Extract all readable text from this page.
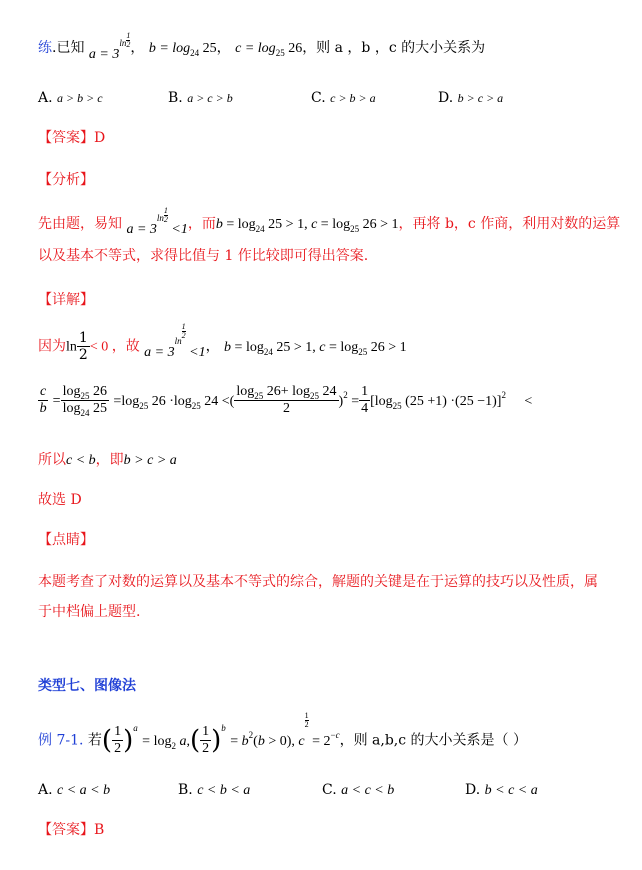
练.已知 $a = 3^{ln \frac{1}{2}}$， $b = \log_{24} 25$， $c = \log_{25} 26$，则 a ，b ，c 的大小关系为
A. a > b > c	B. a > c > b	C. c > b > a	D. b > c > a
【答案】D
【分析】
先由题，易知 $a = 3^{ln \frac{1}{2}} <1$，而$b = \log_{24} 25 > 1$, $c = \log_{25} 26 > 1$，再将 b，c 作商，利用对数的运算
以及基本不等式，求得比值与 1 作比较即可得出答案.
【详解】
因为$\ln \frac{1}{2} < 0$ ，故 $a = 3^{ln \frac{1}{2}} <1$， $b = \log_{24} 25 > 1$, $c = \log_{25} 26 > 1$
$\frac{c}{b} = \frac{\log_{25} 26}{\log_{24} 25} =\log_{25}$ $26 \cdot\log_{25}$ 24 <( $\frac{\log_{25} 26+ \log_{25} 24}{2} )^2 = \frac{1}{4} [\log_{25}$ (25 +1) ·(25 −1)]$^2$ <
所以c < b，即b > c > a
故选 D
【点睛】
本题考查了对数的运算以及基本不等式的综合，解题的关键是在于运算的技巧以及性质，属
于中档偏上题型.
类型七、图像法
例 7-1. 若( $\frac{1}{2} )^a = \log_2 a,( \frac{1}{2} )^b = b^2(b > 0)$, c
$^{\frac{1}{2}} = 2^{-c}$，则 a,b,c 的大小关系是（ ）
A. c < a < b	B. c < b < a	C. a < c < b	D. b < c < a
【答案】B
